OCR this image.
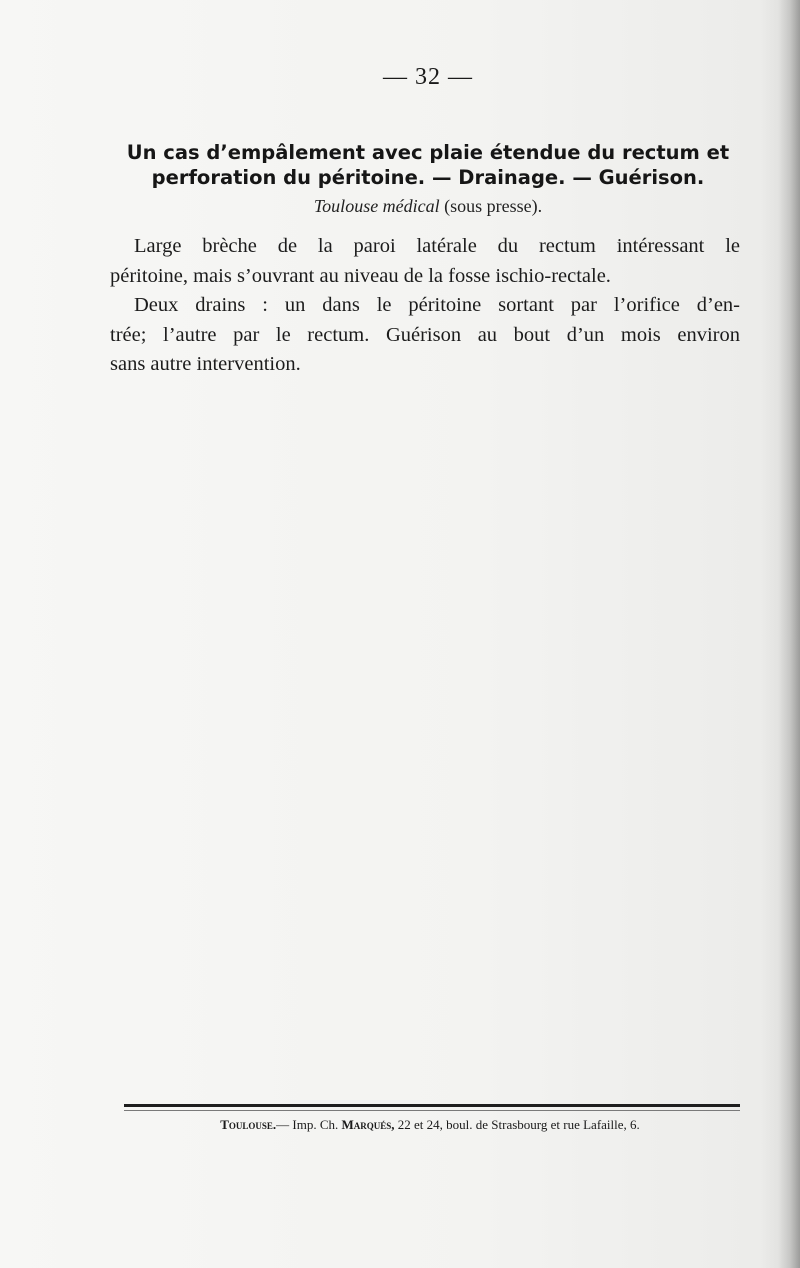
— 32 —
Un cas d’empâlement avec plaie étendue du rectum et
perforation du péritoine. — Drainage. — Guérison.
Toulouse médical (sous presse).
Large brèche de la paroi latérale du rectum intéressant le
péritoine, mais s’ouvrant au niveau de la fosse ischio-rectale.
Deux drains : un dans le péritoine sortant par l’orifice d’en-
trée; l’autre par le rectum. Guérison au bout d’un mois environ
sans autre intervention.
Toulouse.— Imp. Ch. Marqués, 22 et 24, boul. de Strasbourg et rue Lafaille, 6.
